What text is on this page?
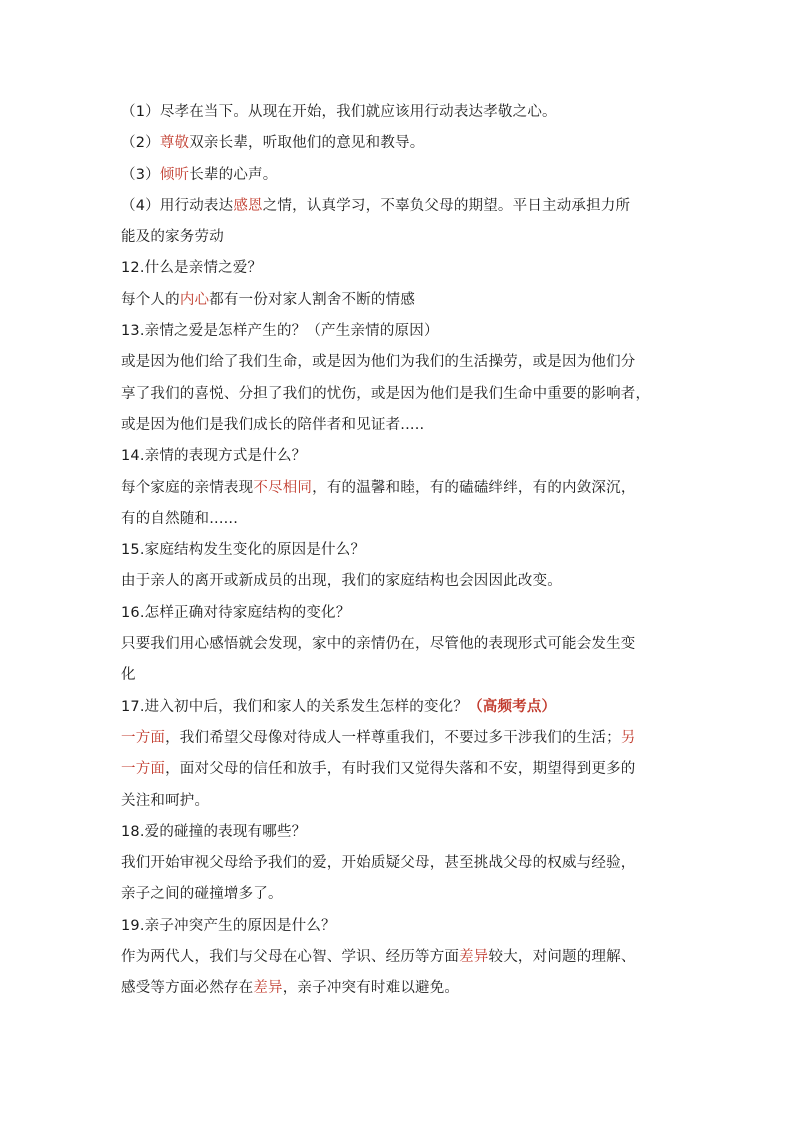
（1）尽孝在当下。从现在开始，我们就应该用行动表达孝敬之心。
（2）尊敬双亲长辈，听取他们的意见和教导。
（3）倾听长辈的心声。
（4）用行动表达感恩之情，认真学习，不辜负父母的期望。平日主动承担力所
能及的家务劳动
12.什么是亲情之爱？
每个人的内心都有一份对家人割舍不断的情感
13.亲情之爱是怎样产生的？（产生亲情的原因）
或是因为他们给了我们生命，或是因为他们为我们的生活操劳，或是因为他们分
享了我们的喜悦、分担了我们的忧伤，或是因为他们是我们生命中重要的影响者，
或是因为他们是我们成长的陪伴者和见证者.....
14.亲情的表现方式是什么？
每个家庭的亲情表现不尽相同，有的温馨和睦，有的磕磕绊绊，有的内敛深沉，
有的自然随和......
15.家庭结构发生变化的原因是什么？
由于亲人的离开或新成员的出现，我们的家庭结构也会因因此改变。
16.怎样正确对待家庭结构的变化？
只要我们用心感悟就会发现，家中的亲情仍在，尽管他的表现形式可能会发生变
化
17.进入初中后，我们和家人的关系发生怎样的变化？（高频考点）
一方面，我们希望父母像对待成人一样尊重我们，不要过多干涉我们的生活；另
一方面，面对父母的信任和放手，有时我们又觉得失落和不安，期望得到更多的
关注和呵护。
18.爱的碰撞的表现有哪些？
我们开始审视父母给予我们的爱，开始质疑父母，甚至挑战父母的权威与经验，
亲子之间的碰撞增多了。
19.亲子冲突产生的原因是什么？
作为两代人，我们与父母在心智、学识、经历等方面差异较大，对问题的理解、
感受等方面必然存在差异，亲子冲突有时难以避免。
